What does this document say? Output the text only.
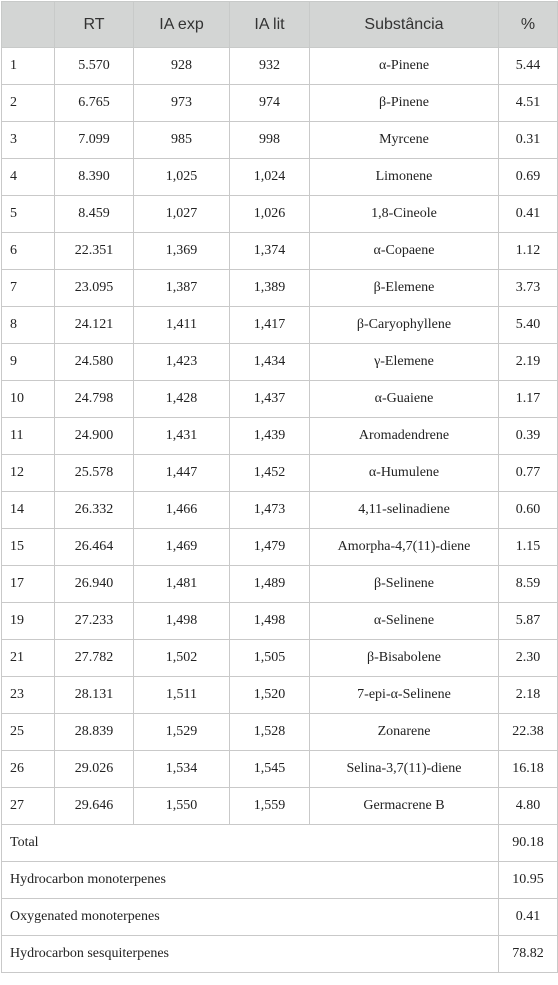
	RT	IA exp	IA lit	Substância	%
1	5.570	928	932	α-Pinene	5.44
2	6.765	973	974	β-Pinene	4.51
3	7.099	985	998	Myrcene	0.31
4	8.390	1,025	1,024	Limonene	0.69
5	8.459	1,027	1,026	1,8-Cineole	0.41
6	22.351	1,369	1,374	α-Copaene	1.12
7	23.095	1,387	1,389	β-Elemene	3.73
8	24.121	1,411	1,417	β-Caryophyllene	5.40
9	24.580	1,423	1,434	γ-Elemene	2.19
10	24.798	1,428	1,437	α-Guaiene	1.17
11	24.900	1,431	1,439	Aromadendrene	0.39
12	25.578	1,447	1,452	α-Humulene	0.77
14	26.332	1,466	1,473	4,11-selinadiene	0.60
15	26.464	1,469	1,479	Amorpha-4,7(11)-diene	1.15
17	26.940	1,481	1,489	β-Selinene	8.59
19	27.233	1,498	1,498	α-Selinene	5.87
21	27.782	1,502	1,505	β-Bisabolene	2.30
23	28.131	1,511	1,520	7-epi-α-Selinene	2.18
25	28.839	1,529	1,528	Zonarene	22.38
26	29.026	1,534	1,545	Selina-3,7(11)-diene	16.18
27	29.646	1,550	1,559	Germacrene B	4.80
Total					90.18
Hydrocarbon monoterpenes					10.95
Oxygenated monoterpenes					0.41
Hydrocarbon sesquiterpenes					78.82
